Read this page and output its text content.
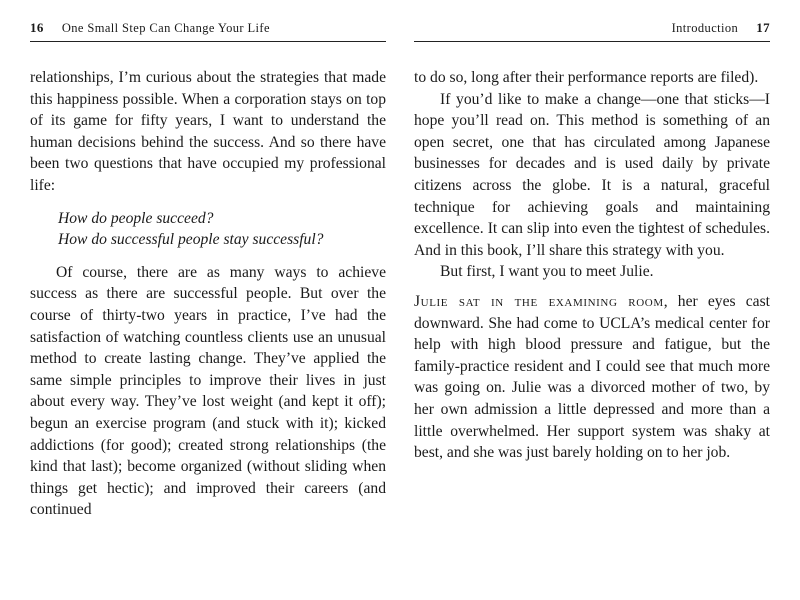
16 One Small Step Can Change Your Life

relationships, I’m curious about the strategies that made this happiness possible. When a corporation stays on top of its game for fifty years, I want to understand the human decisions behind the success. And so there have been two questions that have occupied my professional life:

How do people succeed?
How do successful people stay successful?

Of course, there are as many ways to achieve success as there are successful people. But over the course of thirty-two years in practice, I’ve had the satisfaction of watching countless clients use an unusual method to create lasting change. They’ve applied the same simple principles to improve their lives in just about every way. They’ve lost weight (and kept it off); begun an exercise program (and stuck with it); kicked addictions (for good); created strong relationships (the kind that last); become organized (without sliding when things get hectic); and improved their careers (and continued

Introduction 17

to do so, long after their performance reports are filed).

If you’d like to make a change—one that sticks—I hope you’ll read on. This method is something of an open secret, one that has circulated among Japanese businesses for decades and is used daily by private citizens across the globe. It is a natural, graceful technique for achieving goals and maintaining excellence. It can slip into even the tightest of schedules. And in this book, I’ll share this strategy with you.

But first, I want you to meet Julie.

Julie sat in the examining room, her eyes cast downward. She had come to UCLA’s medical center for help with high blood pressure and fatigue, but the family-practice resident and I could see that much more was going on. Julie was a divorced mother of two, by her own admission a little depressed and more than a little overwhelmed. Her support system was shaky at best, and she was just barely holding on to her job.
